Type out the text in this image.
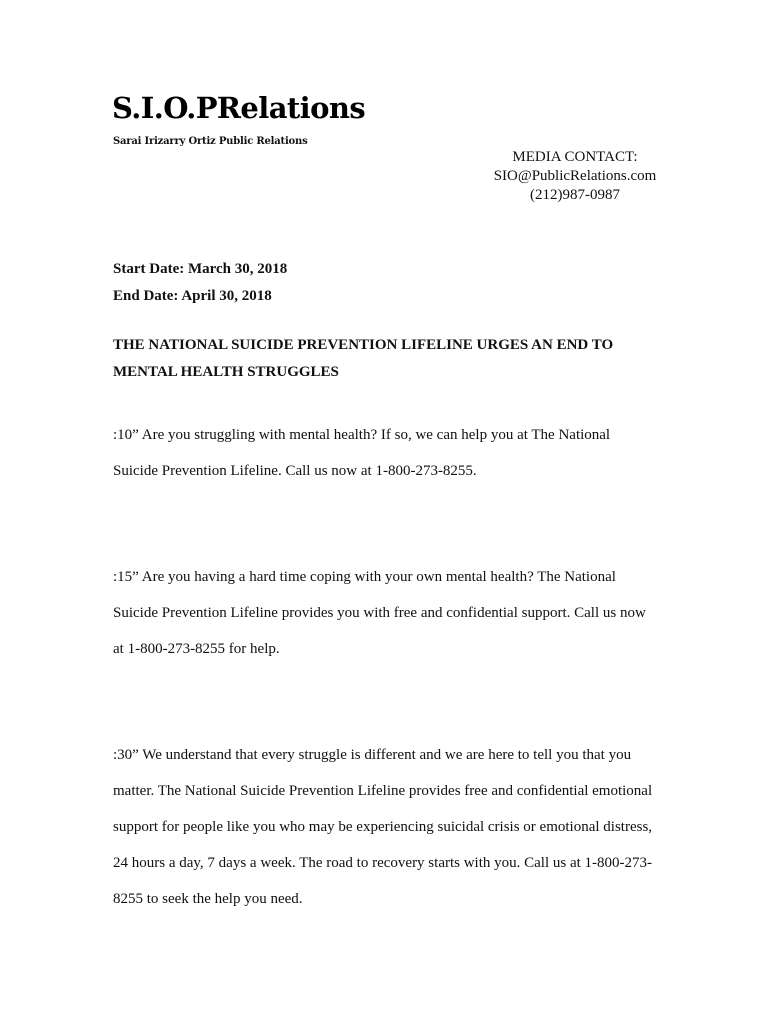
S.I.O.PRelations
Sarai Irizarry Ortiz Public Relations
MEDIA CONTACT:
SIO@PublicRelations.com
(212)987-0987
Start Date: March 30, 2018
End Date: April 30, 2018
THE NATIONAL SUICIDE PREVENTION LIFELINE URGES AN END TO MENTAL HEALTH STRUGGLES

:10” Are you struggling with mental health? If so, we can help you at The National Suicide Prevention Lifeline. Call us now at 1-800-273-8255.

:15” Are you having a hard time coping with your own mental health? The National Suicide Prevention Lifeline provides you with free and confidential support. Call us now at 1-800-273-8255 for help.

:30” We understand that every struggle is different and we are here to tell you that you matter. The National Suicide Prevention Lifeline provides free and confidential emotional support for people like you who may be experiencing suicidal crisis or emotional distress, 24 hours a day, 7 days a week. The road to recovery starts with you. Call us at 1-800-273-8255 to seek the help you need.
